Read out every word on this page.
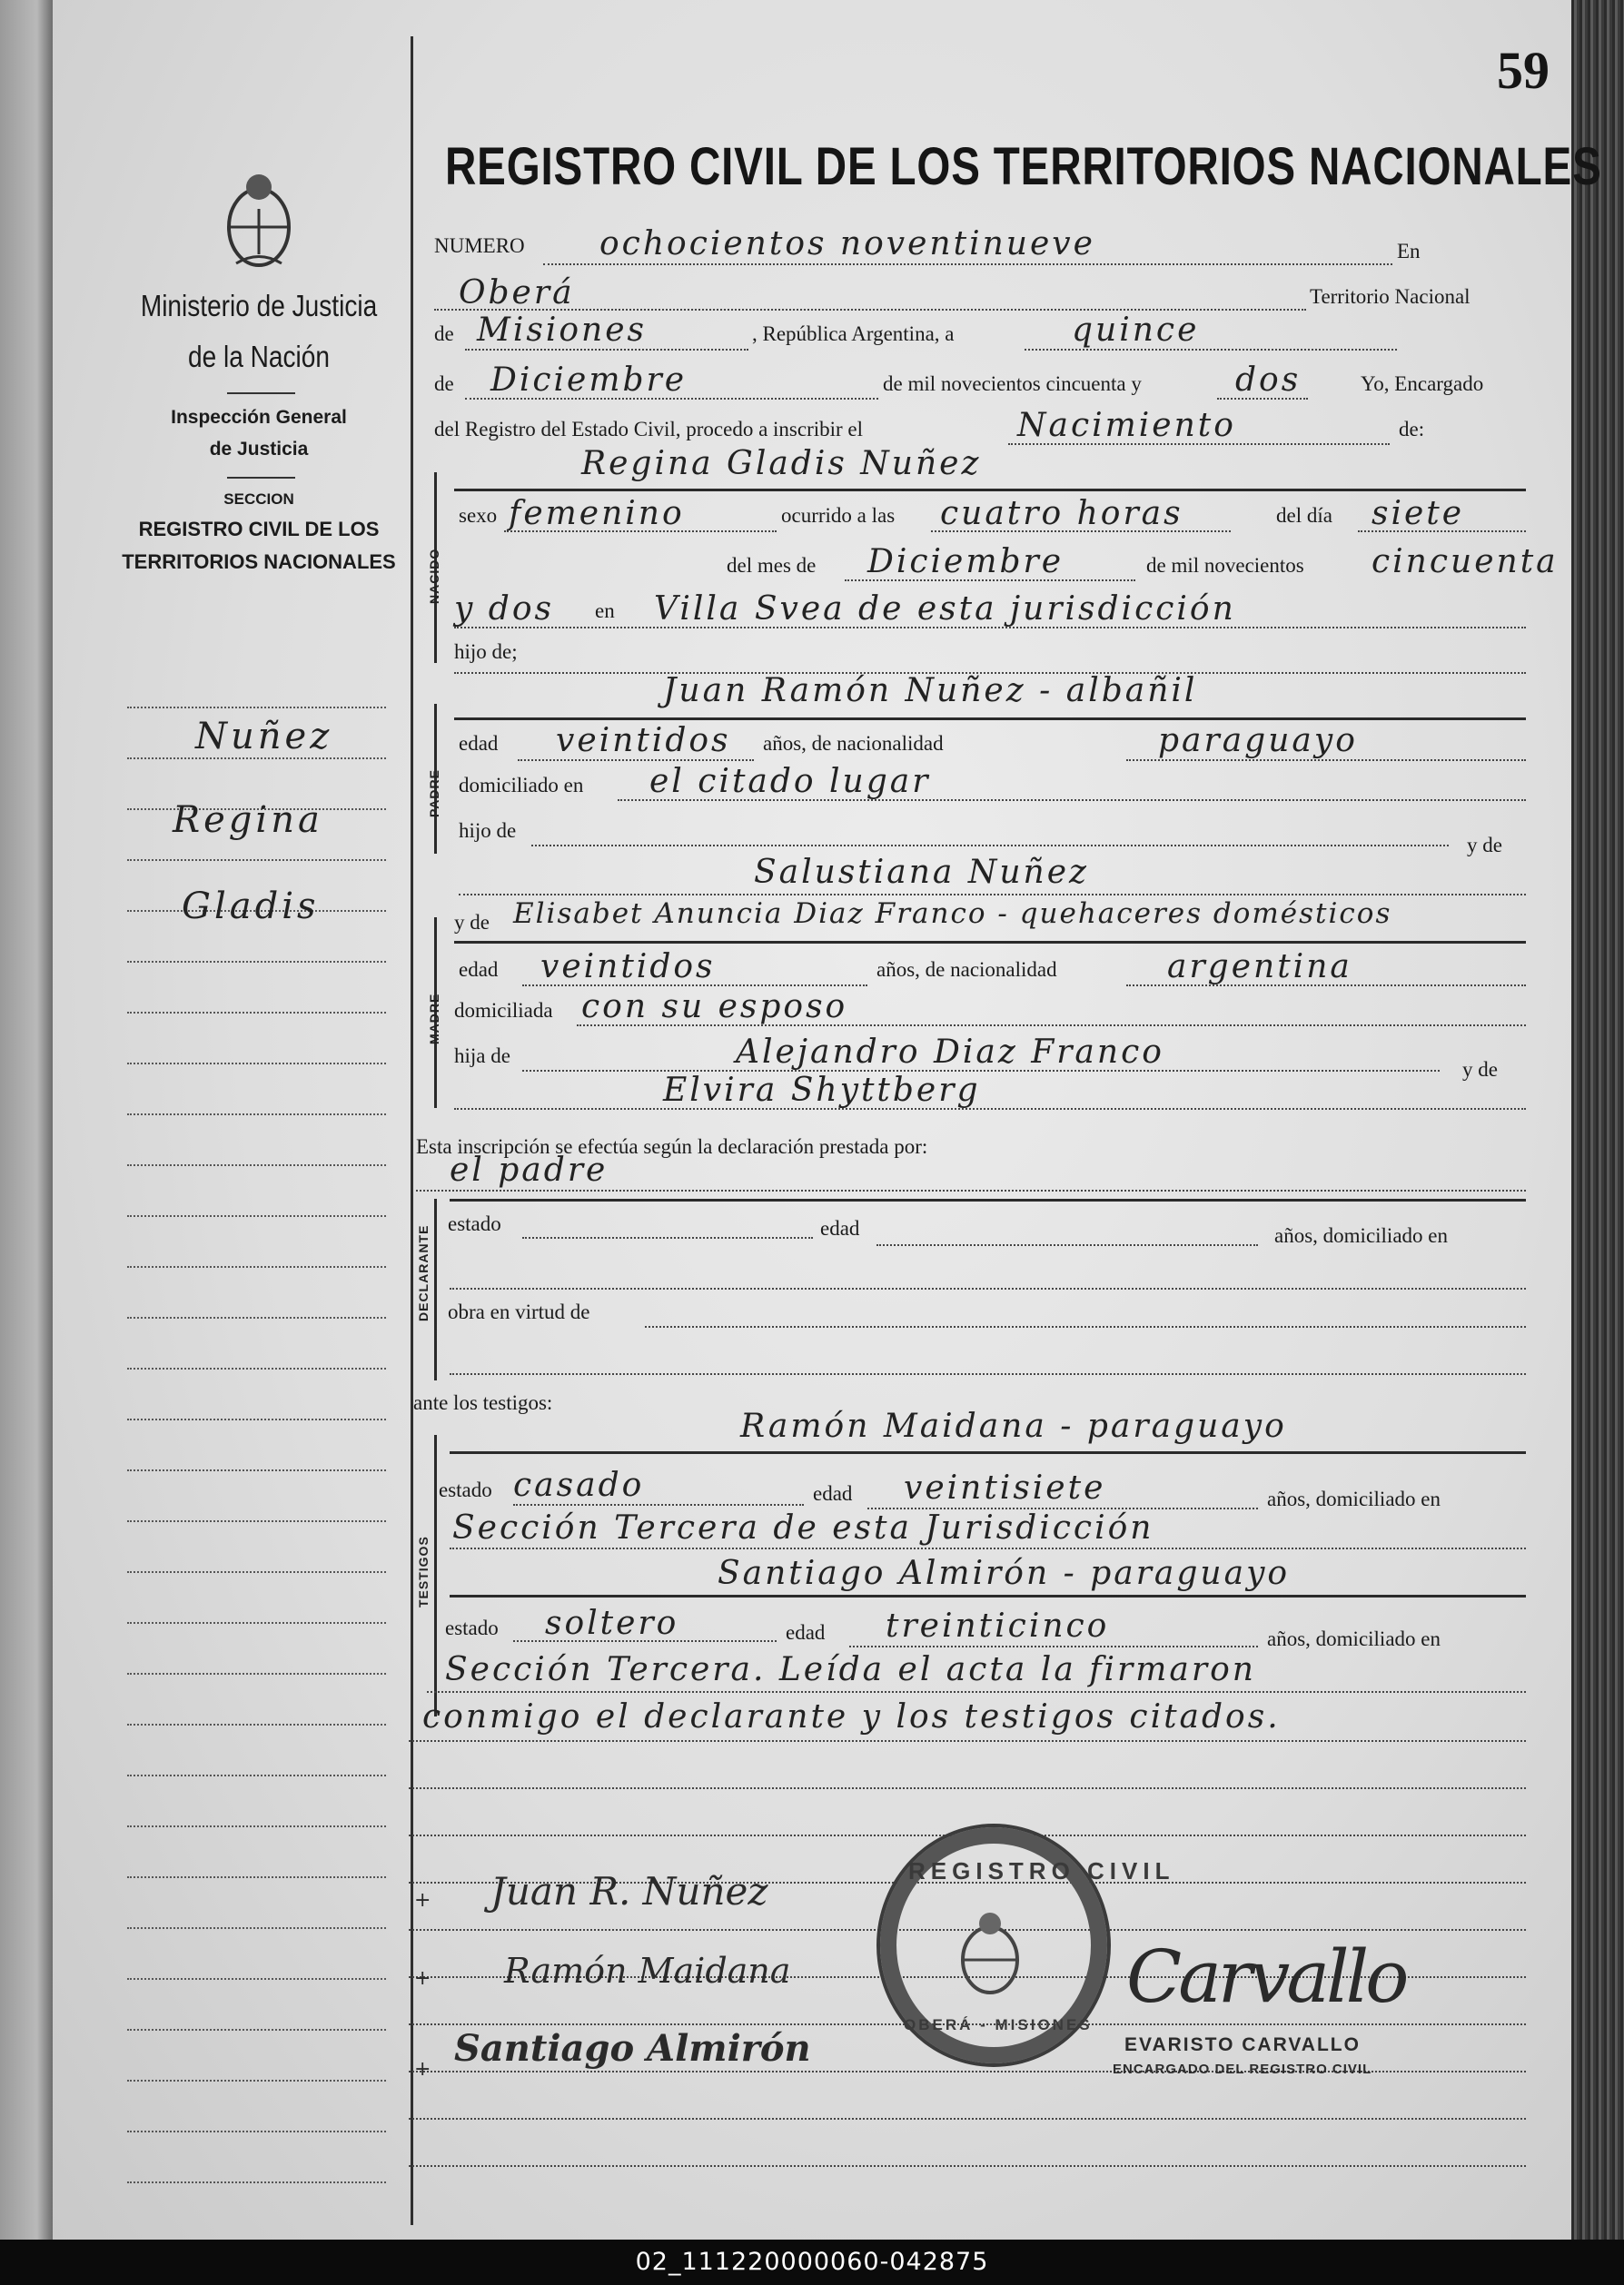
59
REGISTRO CIVIL DE LOS TERRITORIOS NACIONALES
Ministerio de Justicia
de la Nación
Inspección General
de Justicia
SECCION
REGISTRO CIVIL DE LOS
TERRITORIOS NACIONALES
Nuñez
Regina
Gladis
NUMERO ochocientos noventinueve	En
Oberá	Territorio Nacional
de Misiones	, República Argentina, a	quince
de Diciembre	de mil novecientos cincuenta y	dos	Yo, Encargado
del Registro del Estado Civil, procedo a inscribir el	Nacimiento	de:
NACIDO
Regina Gladis Nuñez
sexo femenino	ocurrido a las cuatro horas	del día siete
del mes de Diciembre	de mil novecientos cincuenta
y dos en Villa Svea de esta jurisdicción
hijo de;
PADRE
Juan Ramón Nuñez - albañil
edad veintidos años, de nacionalidad	paraguayo
domiciliado en el citado lugar
hijo de
y de
Salustiana Nuñez
MADRE
y de Elisabet Anuncia Diaz Franco - quehaceres domésticos
edad veintidos	años, de nacionalidad	argentina
domiciliada con su esposo
hija de	Alejandro Diaz Franco	y de
Elvira Shyttberg
Esta inscripción se efectúa según la declaración prestada por:
el padre
DECLARANTE
estado	edad	años, domiciliado en
obra en virtud de
ante los testigos:
TESTIGOS
Ramón Maidana - paraguayo
estado casado	edad veintisiete	años, domiciliado en
Sección Tercera de esta Jurisdicción
Santiago Almirón - paraguayo
estado soltero	edad treinticinco	años, domiciliado en
Sección Tercera. Leída el acta la firmaron
conmigo el declarante y los testigos citados.
+
+
+
Juan R. Nuñez
Ramón Maidana
Santiago Almirón
Carvallo
REGISTRO CIVIL
OBERÁ - MISIONES
EVARISTO CARVALLO
ENCARGADO DEL REGISTRO CIVIL
02_111220000060-042875
